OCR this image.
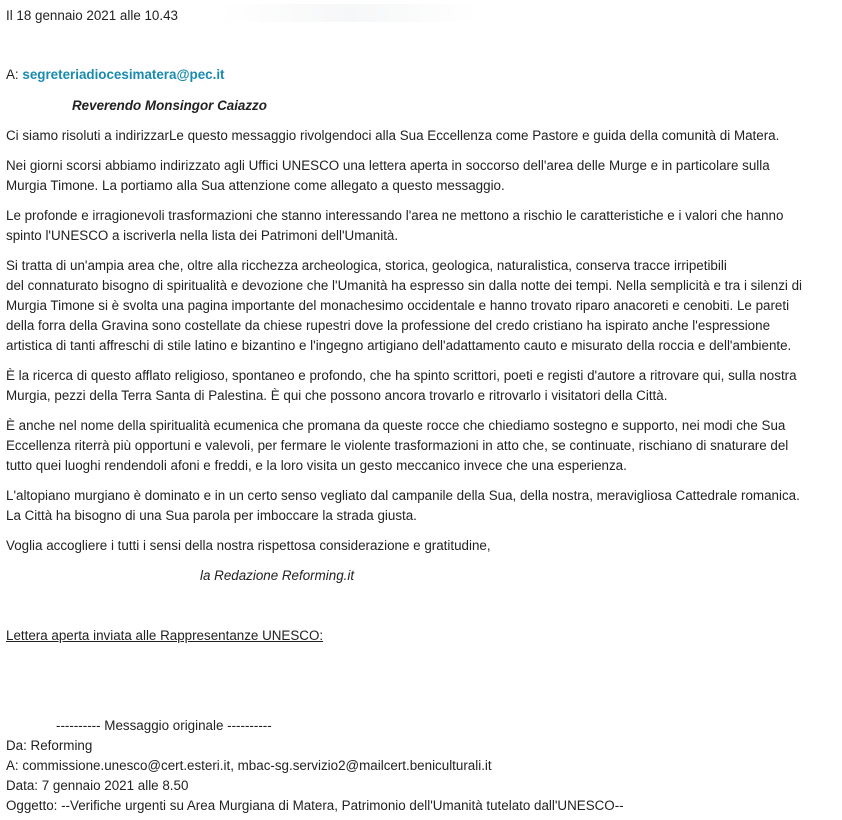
Il 18 gennaio 2021 alle 10.43
A: segreteriadiocesimatera@pec.it
Reverendo Monsingor Caiazzo

Ci siamo risoluti a indirizzarLe questo messaggio rivolgendoci alla Sua Eccellenza come Pastore e guida della comunità di Matera.

Nei giorni scorsi abbiamo indirizzato agli Uffici UNESCO una lettera aperta in soccorso dell'area delle Murge e in particolare sulla

Murgia Timone. La portiamo alla Sua attenzione come allegato a questo messaggio.

Le profonde e irragionevoli trasformazioni che stanno interessando l'area ne mettono a rischio le caratteristiche e i valori che hanno

spinto l'UNESCO a iscriverla nella lista dei Patrimoni dell'Umanità.

Si tratta di un'ampia area che, oltre alla ricchezza archeologica, storica, geologica, naturalistica, conserva tracce irripetibili

del connaturato bisogno di spiritualità e devozione che l'Umanità ha espresso sin dalla notte dei tempi. Nella semplicità e tra i silenzi di

Murgia Timone si è svolta una pagina importante del monachesimo occidentale e hanno trovato riparo anacoreti e cenobiti. Le pareti

della forra della Gravina sono costellate da chiese rupestri dove la professione del credo cristiano ha ispirato anche l'espressione

artistica di tanti affreschi di stile latino e bizantino e l'ingegno artigiano dell'adattamento cauto e misurato della roccia e dell'ambiente.

È la ricerca di questo afflato religioso, spontaneo e profondo, che ha spinto scrittori, poeti e registi d'autore a ritrovare qui, sulla nostra

Murgia, pezzi della Terra Santa di Palestina. È qui che possono ancora trovarlo e ritrovarlo i visitatori della Città.

È anche nel nome della spiritualità ecumenica che promana da queste rocce che chiediamo sostegno e supporto, nei modi che Sua

Eccellenza riterrà più opportuni e valevoli, per fermare le violente trasformazioni in atto che, se continuate, rischiano di snaturare del

tutto quei luoghi rendendoli afoni e freddi, e la loro visita un gesto meccanico invece che una esperienza.

L'altopiano murgiano è dominato e in un certo senso vegliato dal campanile della Sua, della nostra, meravigliosa Cattedrale romanica.

La Città ha bisogno di una Sua parola per imboccare la strada giusta.

Voglia accogliere i tutti i sensi della nostra rispettosa considerazione e gratitudine,

la Redazione Reforming.it
Lettera aperta inviata alle Rappresentanze UNESCO:
---------- Messaggio originale ----------
Da: Reforming
A: commissione.unesco@cert.esteri.it, mbac-sg.servizio2@mailcert.beniculturali.it
Data: 7 gennaio 2021 alle 8.50
Oggetto: --Verifiche urgenti su Area Murgiana di Matera, Patrimonio dell'Umanità tutelato dall'UNESCO--
